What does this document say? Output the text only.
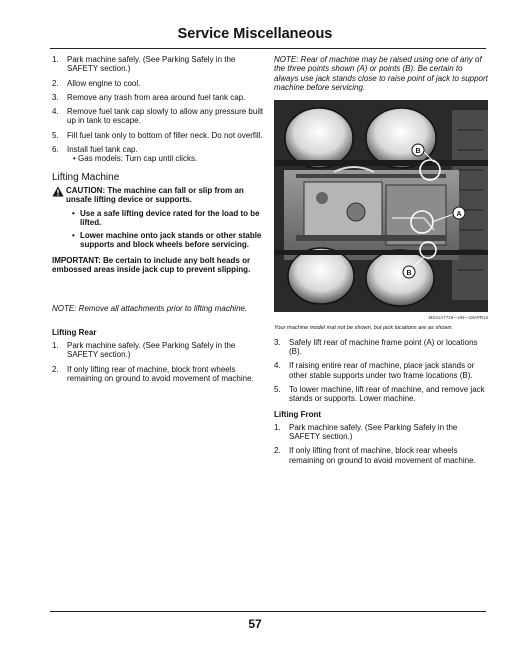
Service Miscellaneous
1. Park machine safely. (See Parking Safely in the SAFETY section.)
2. Allow engine to cool.
3. Remove any trash from area around fuel tank cap.
4. Remove fuel tank cap slowly to allow any pressure built up in tank to escape.
5. Fill fuel tank only to bottom of filler neck. Do not overfill.
6. Install fuel tank cap.
• Gas models: Turn cap until clicks.
Lifting Machine
CAUTION: The machine can fall or slip from an unsafe lifting device or supports.
• Use a safe lifting device rated for the load to be lifted.
• Lower machine onto jack stands or other stable supports and block wheels before servicing.
IMPORTANT: Be certain to include any bolt heads or embossed areas inside jack cup to prevent slipping.
NOTE: Remove all attachments prior to lifting machine.
Lifting Rear
1. Park machine safely. (See Parking Safely in the SAFETY section.)
2. If only lifting rear of machine, block front wheels remaining on ground to avoid movement of machine.
NOTE: Rear of machine may be raised using one of any of the three points shown (A) or points (B). Be certain to always use jack stands close to raise point of jack to support machine before servicing.
B
A
B
MX41A7719—UN—18APR13
Your machine model mat not be shown, but jack locations are as shown.
3. Safely lift rear of machine frame point (A) or locations (B).
4. If raising entire rear of machine, place jack stands or other stable supports under two frame locations (B).
5. To lower machine, lift rear of machine, and remove jack stands or supports. Lower machine.
Lifting Front
1. Park machine safely. (See Parking Safely in the SAFETY section.)
2. If only lifting front of machine, block rear wheels remaining on ground to avoid movement of machine.
57
